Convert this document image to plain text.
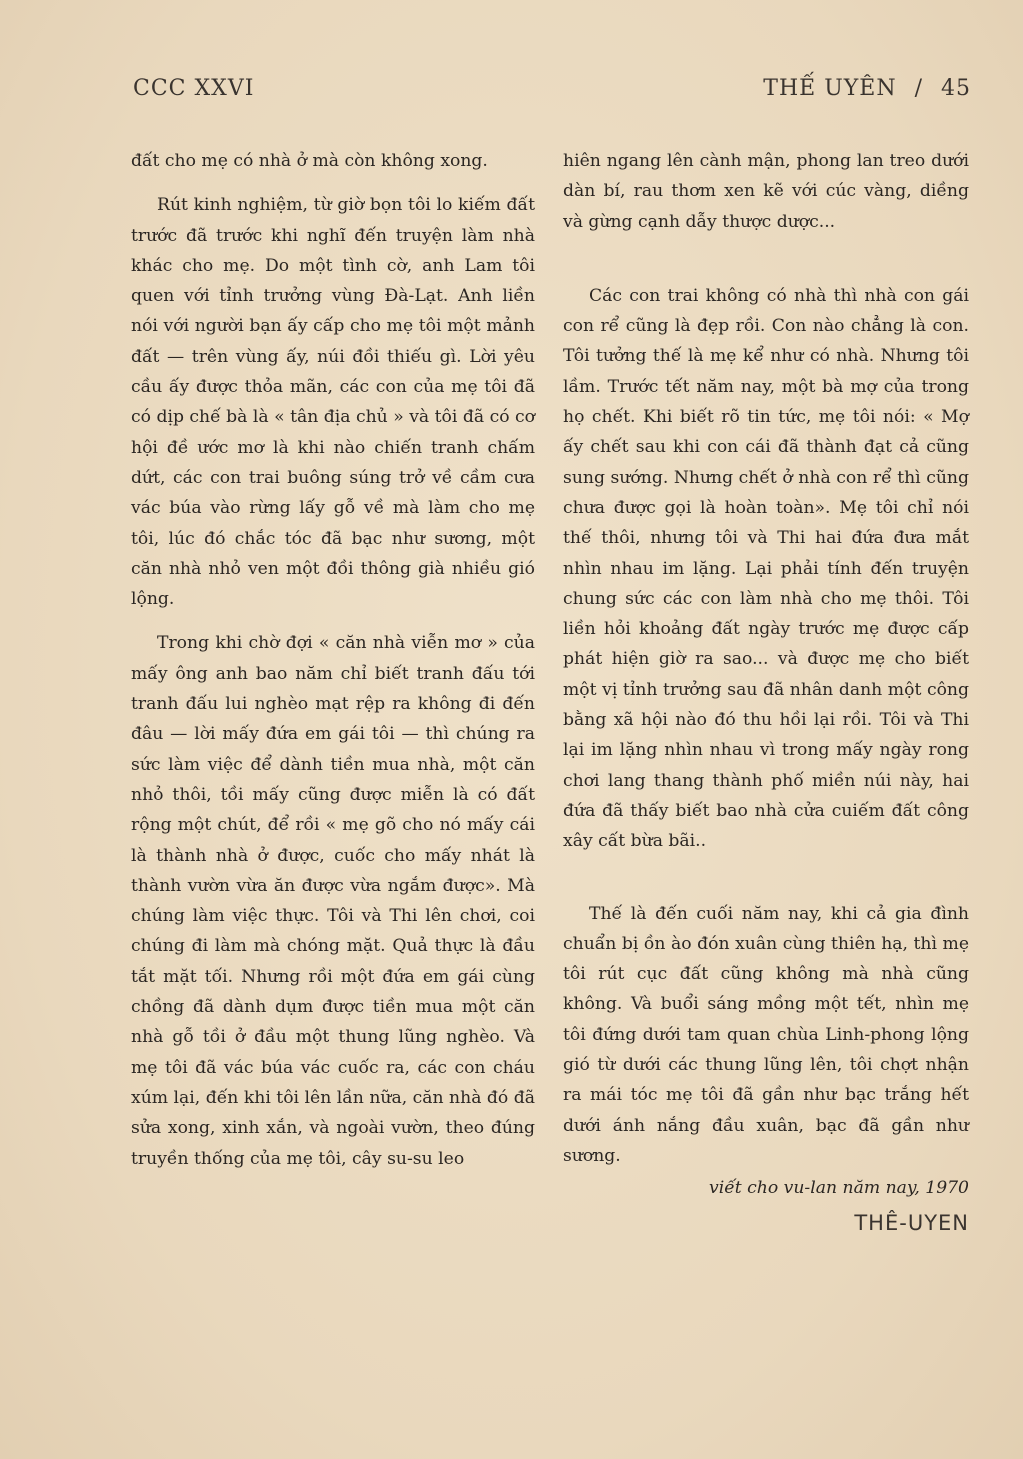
CCC XXVI	THẾ UYÊN / 45

đất cho mẹ có nhà ở mà còn không xong.

Rút kinh nghiệm, từ giờ bọn tôi lo kiếm đất trước đã trước khi nghĩ đến truyện làm nhà khác cho mẹ. Do một tình cờ, anh Lam tôi quen với tỉnh trưởng vùng Đà-Lạt. Anh liền nói với người bạn ấy cấp cho mẹ tôi một mảnh đất — trên vùng ấy, núi đồi thiếu gì. Lời yêu cầu ấy được thỏa mãn, các con của mẹ tôi đã có dịp chế bà là « tân địa chủ » và tôi đã có cơ hội đề ước mơ là khi nào chiến tranh chấm dứt, các con trai buông súng trở về cầm cưa vác búa vào rừng lấy gỗ về mà làm cho mẹ tôi, lúc đó chắc tóc đã bạc như sương, một căn nhà nhỏ ven một đồi thông già nhiều gió lộng.

Trong khi chờ đợi « căn nhà viễn mơ » của mấy ông anh bao năm chỉ biết tranh đấu tới tranh đấu lui nghèo mạt rệp ra không đi đến đâu — lời mấy đứa em gái tôi — thì chúng ra sức làm việc để dành tiền mua nhà, một căn nhỏ thôi, tồi mấy cũng được miễn là có đất rộng một chút, để rồi « mẹ gõ cho nó mấy cái là thành nhà ở được, cuốc cho mấy nhát là thành vườn vừa ăn được vừa ngắm được». Mà chúng làm việc thực. Tôi và Thi lên chơi, coi chúng đi làm mà chóng mặt. Quả thực là đầu tắt mặt tối. Nhưng rồi một đứa em gái cùng chồng đã dành dụm được tiền mua một căn nhà gỗ tồi ở đầu một thung lũng nghèo. Và mẹ tôi đã vác búa vác cuốc ra, các con cháu xúm lại, đến khi tôi lên lần nữa, căn nhà đó đã sửa xong, xinh xắn, và ngoài vườn, theo đúng truyền thống của mẹ tôi, cây su-su leo

hiên ngang lên cành mận, phong lan treo dưới dàn bí, rau thơm xen kẽ với cúc vàng, diềng và gừng cạnh dẫy thược dược...

Các con trai không có nhà thì nhà con gái con rể cũng là đẹp rồi. Con nào chẳng là con. Tôi tưởng thế là mẹ kể như có nhà. Nhưng tôi lầm. Trước tết năm nay, một bà mợ của trong họ chết. Khi biết rõ tin tức, mẹ tôi nói: « Mợ ấy chết sau khi con cái đã thành đạt cả cũng sung sướng. Nhưng chết ở nhà con rể thì cũng chưa được gọi là hoàn toàn». Mẹ tôi chỉ nói thế thôi, nhưng tôi và Thi hai đứa đưa mắt nhìn nhau im lặng. Lại phải tính đến truyện chung sức các con làm nhà cho mẹ thôi. Tôi liền hỏi khoảng đất ngày trước mẹ được cấp phát hiện giờ ra sao... và được mẹ cho biết một vị tỉnh trưởng sau đã nhân danh một công bằng xã hội nào đó thu hồi lại rồi. Tôi và Thi lại im lặng nhìn nhau vì trong mấy ngày rong chơi lang thang thành phố miền núi này, hai đứa đã thấy biết bao nhà cửa cuiếm đất công xây cất bừa bãi..

Thế là đến cuối năm nay, khi cả gia đình chuẩn bị ồn ào đón xuân cùng thiên hạ, thì mẹ tôi rút cục đất cũng không mà nhà cũng không. Và buổi sáng mồng một tết, nhìn mẹ tôi đứng dưới tam quan chùa Linh-phong lộng gió từ dưới các thung lũng lên, tôi chợt nhận ra mái tóc mẹ tôi đã gần như bạc trắng hết dưới ánh nắng đầu xuân, bạc đã gần như sương.

viết cho vu-lan năm nay, 1970
THÊ-UYEN
